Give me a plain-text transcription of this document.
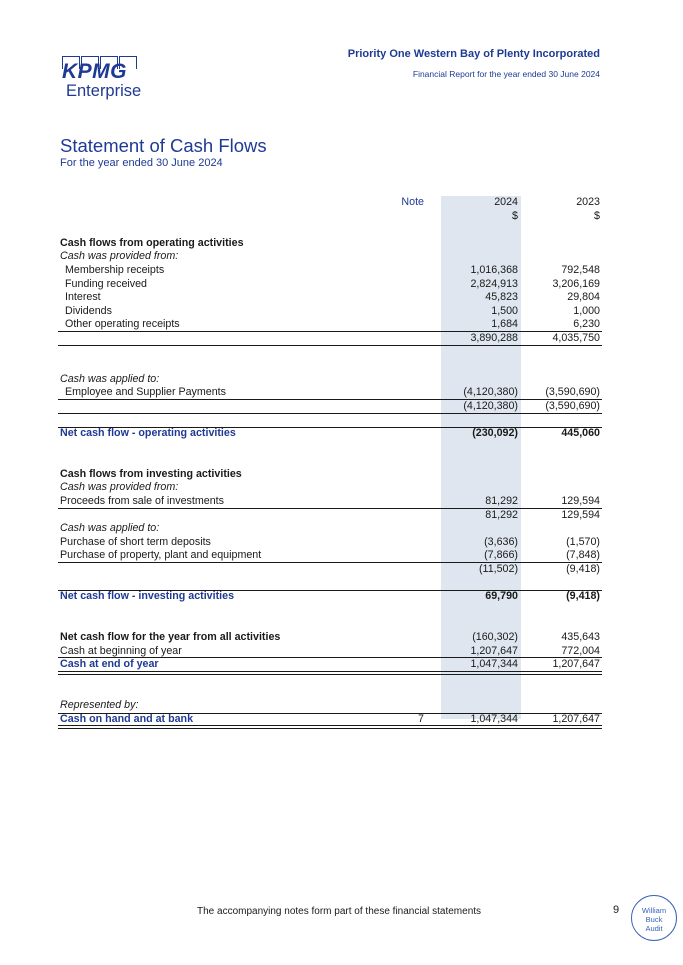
KPMG
Enterprise
Priority One Western Bay of Plenty Incorporated
Financial Report for the year ended 30 June 2024
Statement of Cash Flows
For the year ended 30 June 2024
Note	2024	2023
$	$
Cash flows from operating activities
Cash was provided from:
Membership receipts	1,016,368	792,548
Funding received	2,824,913	3,206,169
Interest	45,823	29,804
Dividends	1,500	1,000
Other operating receipts	1,684	6,230
3,890,288	4,035,750
Cash was applied to:
Employee and Supplier Payments	(4,120,380)	(3,590,690)
(4,120,380)	(3,590,690)
Net cash flow - operating activities	(230,092)	445,060
Cash flows from investing activities
Cash was provided from:
Proceeds from sale of investments	81,292	129,594
81,292	129,594
Cash was applied to:
Purchase of short term deposits	(3,636)	(1,570)
Purchase of property, plant and equipment	(7,866)	(7,848)
(11,502)	(9,418)
Net cash flow - investing activities	69,790	(9,418)
Net cash flow for the year from all activities	(160,302)	435,643
Cash at beginning of year	1,207,647	772,004
Cash at end of year	1,047,344	1,207,647
Represented by:
Cash on hand and at bank	7	1,047,344	1,207,647
The accompanying notes form part of these financial statements	9	William
Buck
Audit
